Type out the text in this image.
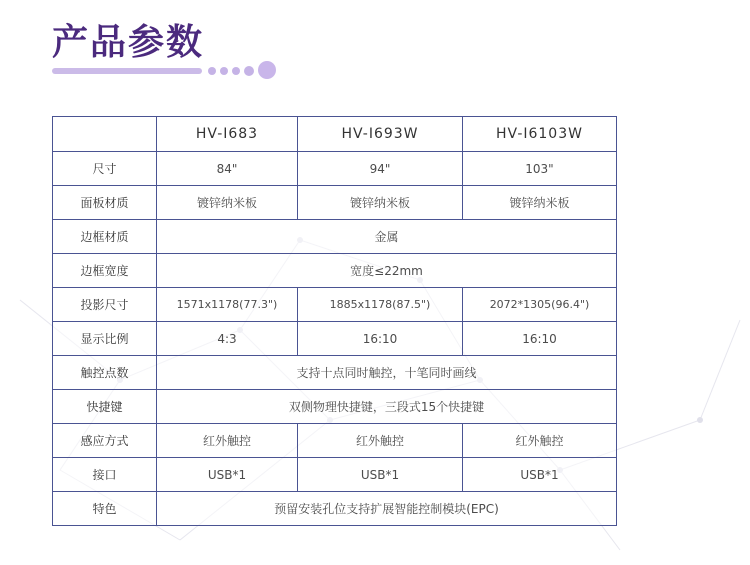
产品参数
	HV-I683	HV-I693W	HV-I6103W
尺寸	84"	94"	103"
面板材质	镀锌纳米板	镀锌纳米板	镀锌纳米板
边框材质	金属		
边框宽度	宽度≤22mm		
投影尺寸	1571x1178(77.3")	1885x1178(87.5")	2072*1305(96.4")
显示比例	4:3	16:10	16:10
触控点数	支持十点同时触控，十笔同时画线		
快捷键	双侧物理快捷键，三段式15个快捷键		
感应方式	红外触控	红外触控	红外触控
接口	USB*1	USB*1	USB*1
特色	预留安装孔位支持扩展智能控制模块(EPC)		
